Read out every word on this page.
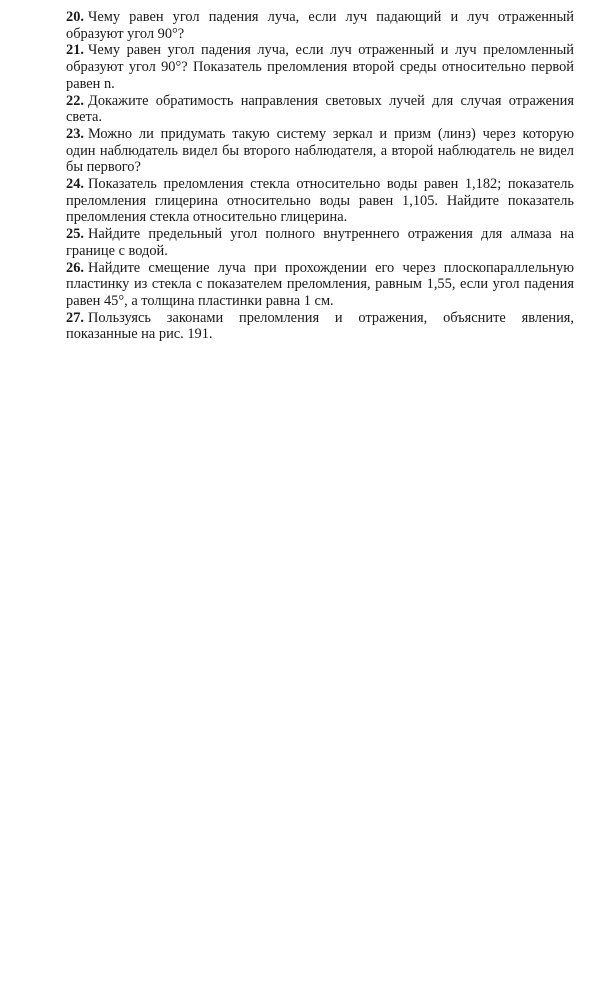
20. Чему равен угол падения луча, если луч падающий и луч отраженный образуют угол 90°?

21. Чему равен угол падения луча, если луч отраженный и луч преломленный образуют угол 90°? Показатель преломления второй среды относительно первой равен n.

22. Докажите обратимость направления световых лучей для случая отражения света.

23. Можно ли придумать такую систему зеркал и призм (линз) через которую один наблюдатель видел бы второго наблюдателя, а второй наблюдатель не видел бы первого?

24. Показатель преломления стекла относительно воды равен 1,182; показатель преломления глицерина относительно воды равен 1,105. Найдите показатель преломления стекла относительно глицерина.

25. Найдите предельный угол полного внутреннего отражения для алмаза на границе с водой.

26. Найдите смещение луча при прохождении его через плоскопараллельную пластинку из стекла с показателем преломления, равным 1,55, если угол падения равен 45°, а толщина пластинки равна 1 см.

27. Пользуясь законами преломления и отражения, объясните явления, показанные на рис. 191.
